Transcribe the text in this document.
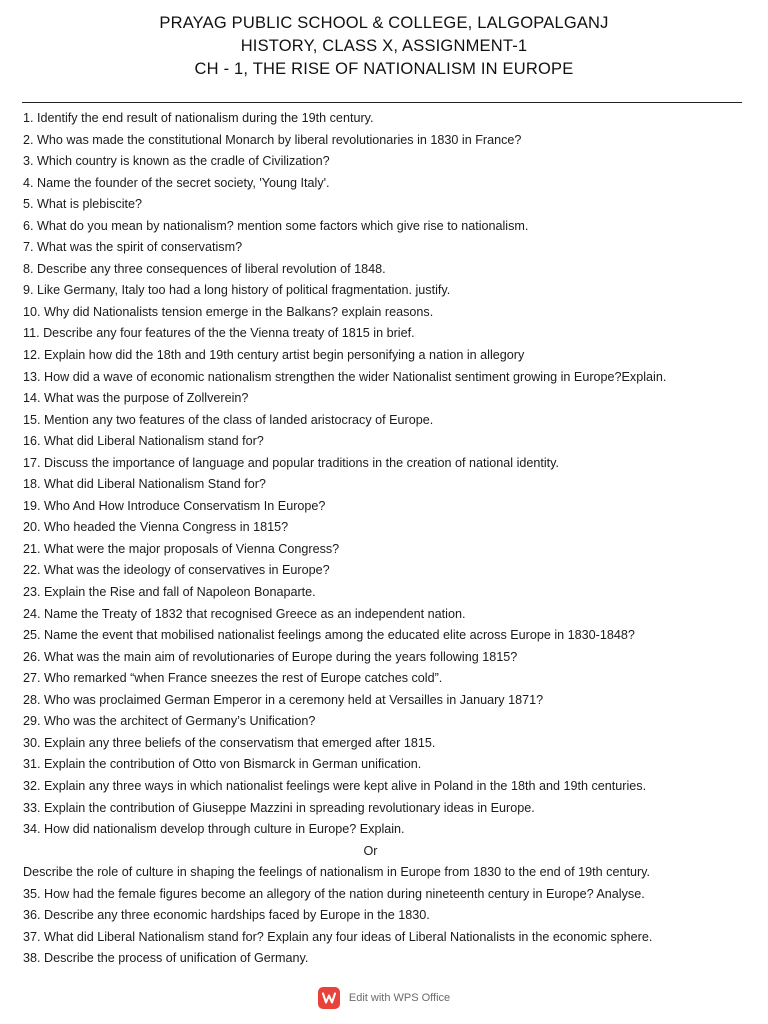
PRAYAG PUBLIC SCHOOL & COLLEGE, LALGOPALGANJ
HISTORY, CLASS X, ASSIGNMENT-1
CH - 1, THE RISE OF NATIONALISM IN EUROPE
1. Identify the end result of nationalism during the 19th century.
2. Who was made the constitutional Monarch by liberal revolutionaries in 1830 in France?
3. Which country is known as the cradle of Civilization?
4. Name the founder of the secret society, 'Young Italy'.
5. What is plebiscite?
6. What do you mean by nationalism? mention some factors which give rise to nationalism.
7. What was the spirit of conservatism?
8. Describe any three consequences of liberal revolution of 1848.
9. Like Germany, Italy too had a long history of political fragmentation. justify.
10. Why did Nationalists tension emerge in the Balkans? explain reasons.
11. Describe any four features of the the Vienna treaty of 1815 in brief.
12. Explain how did the 18th and 19th century artist begin personifying a nation in allegory
13. How did a wave of economic nationalism strengthen the wider Nationalist sentiment growing in Europe?Explain.
14. What was the purpose of Zollverein?
15. Mention any two features of the class of landed aristocracy of Europe.
16. What did Liberal Nationalism stand for?
17. Discuss the importance of language and popular traditions in the creation of national identity.
18. What did Liberal Nationalism Stand for?
19. Who And How Introduce Conservatism In Europe?
20. Who headed the Vienna Congress in 1815?
21. What were the major proposals of Vienna Congress?
22. What was the ideology of conservatives in Europe?
23. Explain the Rise and fall of Napoleon Bonaparte.
24. Name the Treaty of 1832 that recognised Greece as an independent nation.
25. Name the event that mobilised nationalist feelings among the educated elite across Europe in 1830-1848?
26. What was the main aim of revolutionaries of Europe during the years following 1815?
27. Who remarked “when France sneezes the rest of Europe catches cold”.
28. Who was proclaimed German Emperor in a ceremony held at Versailles in January 1871?
29. Who was the architect of Germany’s Unification?
30. Explain any three beliefs of the conservatism that emerged after 1815.
31. Explain the contribution of Otto von Bismarck in German unification.
32. Explain any three ways in which nationalist feelings were kept alive in Poland in the 18th and 19th centuries.
33. Explain the contribution of Giuseppe Mazzini in spreading revolutionary ideas in Europe.
34. How did nationalism develop through culture in Europe? Explain.
Or
Describe the role of culture in shaping the feelings of nationalism in Europe from 1830 to the end of 19th century.
35. How had the female figures become an allegory of the nation during nineteenth century in Europe? Analyse.
36. Describe any three economic hardships faced by Europe in the 1830.
37. What did Liberal Nationalism stand for? Explain any four ideas of Liberal Nationalists in the economic sphere.
38. Describe the process of unification of Germany.
Edit with WPS Office
